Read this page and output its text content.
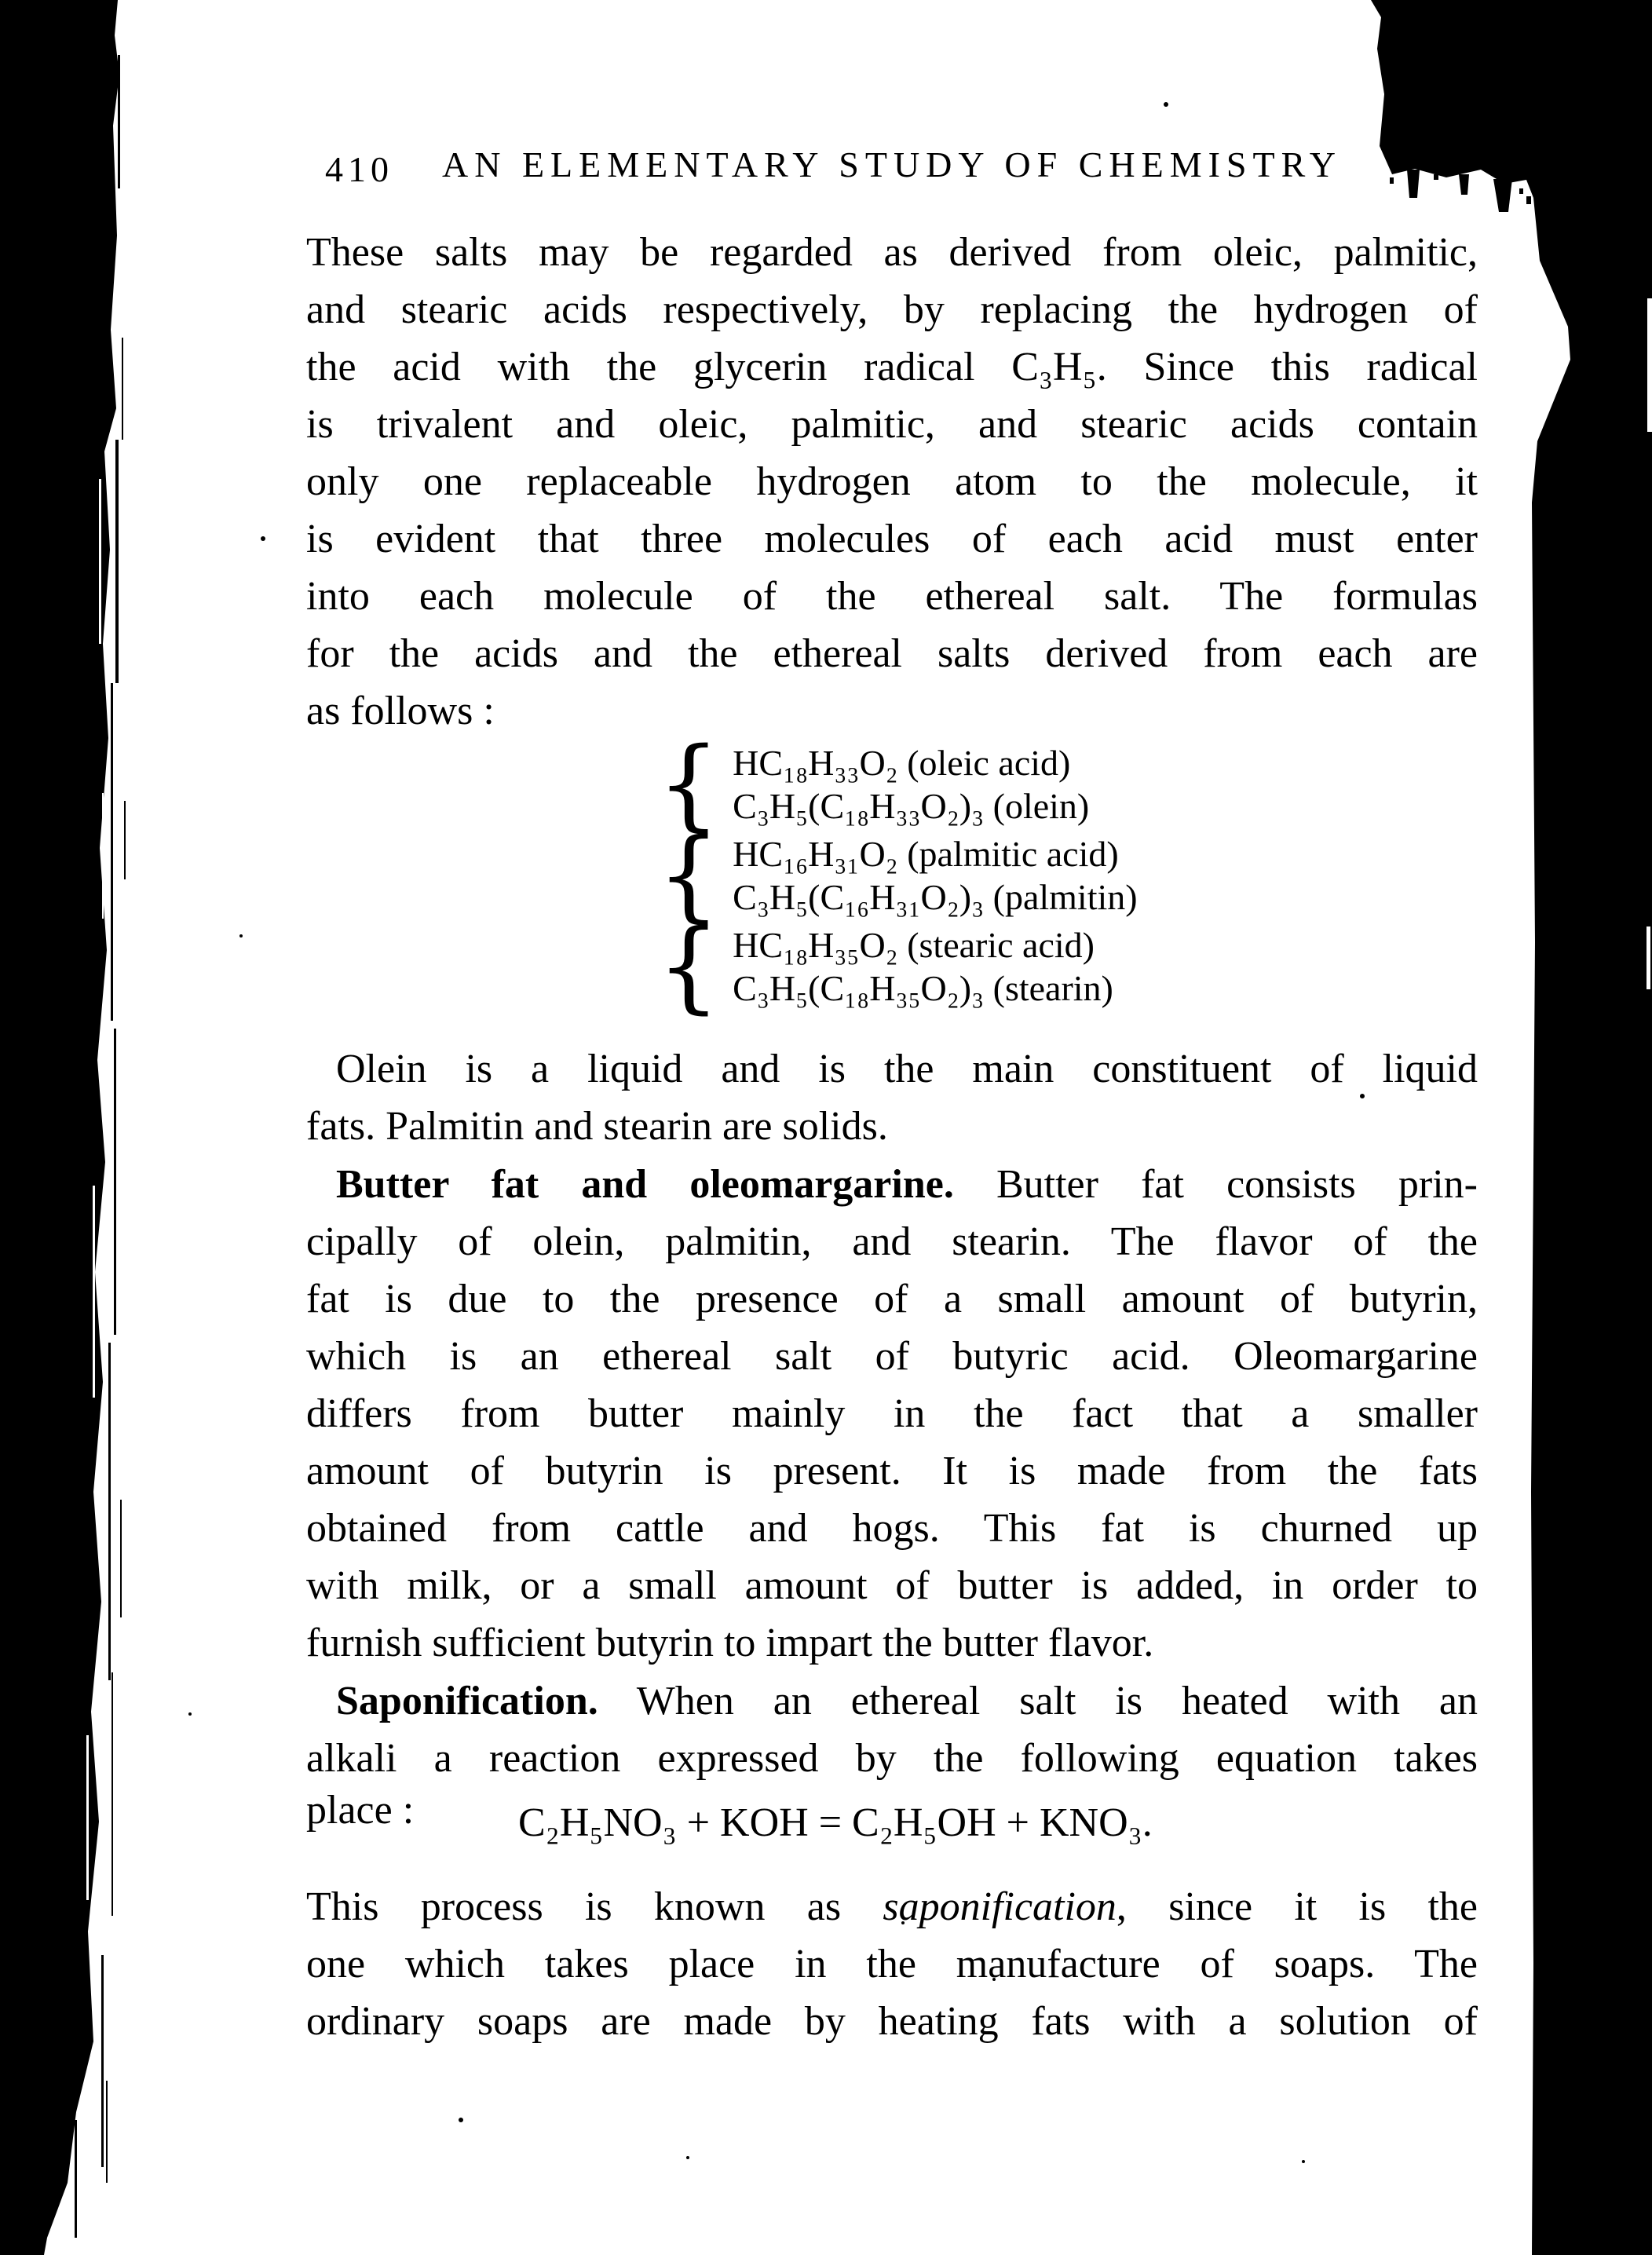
410	AN ELEMENTARY STUDY OF CHEMISTRY
These salts may be regarded as derived from oleic, palmitic,
and stearic acids respectively, by replacing the hydrogen of
the acid with the glycerin radical C₃H₅. Since this radical
is trivalent and oleic, palmitic, and stearic acids contain
only one replaceable hydrogen atom to the molecule, it
is evident that three molecules of each acid must enter
into each molecule of the ethereal salt. The formulas
for the acids and the ethereal salts derived from each are
as follows :
{ HC₁₈H₃₃O₂ (oleic acid)
C₃H₅(C₁₈H₃₃O₂)₃ (olein)
{ HC₁₆H₃₁O₂ (palmitic acid)
C₃H₅(C₁₆H₃₁O₂)₃ (palmitin)
{ HC₁₈H₃₅O₂ (stearic acid)
C₃H₅(C₁₈H₃₅O₂)₃ (stearin)
Olein is a liquid and is the main constituent of liquid
fats. Palmitin and stearin are solids.
Butter fat and oleomargarine. Butter fat consists prin-
cipally of olein, palmitin, and stearin. The flavor of the
fat is due to the presence of a small amount of butyrin,
which is an ethereal salt of butyric acid. Oleomargarine
differs from butter mainly in the fact that a smaller
amount of butyrin is present. It is made from the fats
obtained from cattle and hogs. This fat is churned up
with milk, or a small amount of butter is added, in order to
furnish sufficient butyrin to impart the butter flavor.
Saponification. When an ethereal salt is heated with an
alkali a reaction expressed by the following equation takes
place :	C₂H₅NO₃ + KOH = C₂H₅OH + KNO₃.
This process is known as saponification, since it is the
one which takes place in the manufacture of soaps. The
ordinary soaps are made by heating fats with a solution of
